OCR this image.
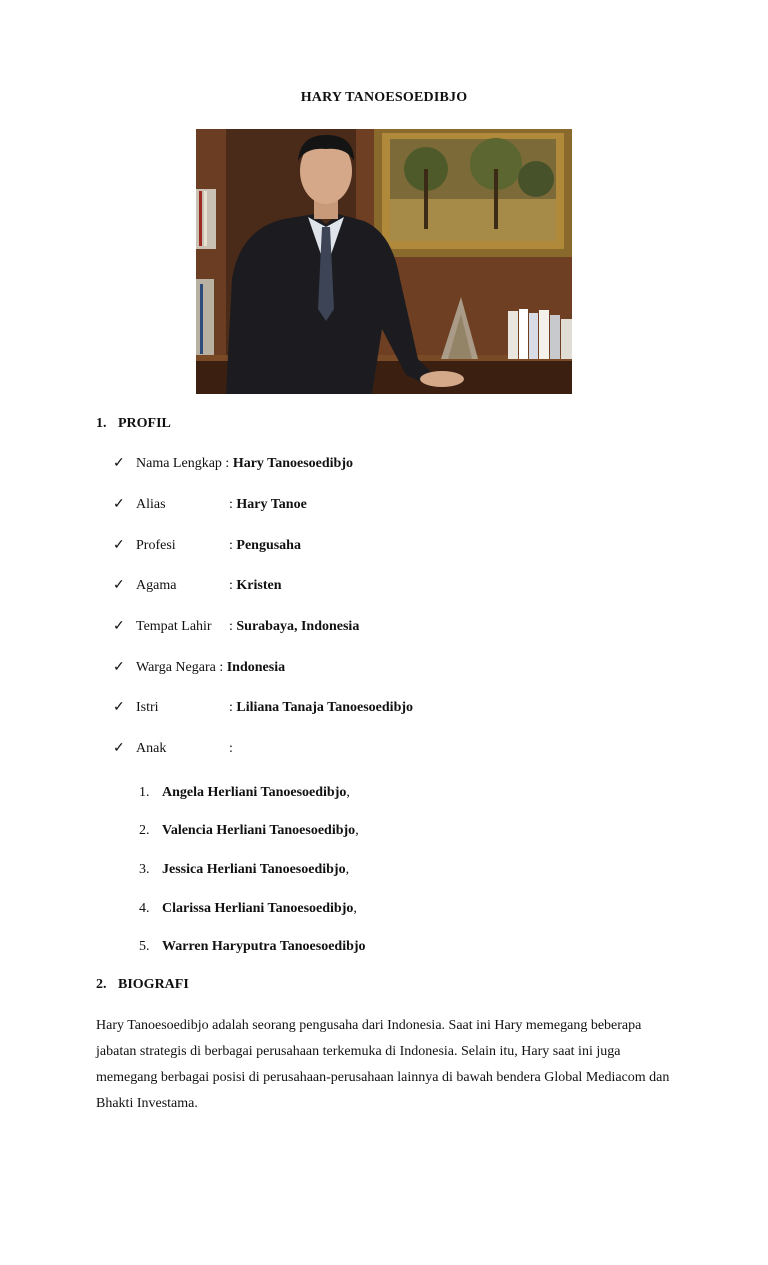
HARY TANOESOEDIBJO
1. PROFIL
✓ Nama Lengkap : Hary Tanoesoedibjo
✓ Alias	: Hary Tanoe
✓ Profesi	: Pengusaha
✓ Agama	: Kristen
✓ Tempat Lahir : Surabaya, Indonesia
✓ Warga Negara : Indonesia
✓ Istri	: Liliana Tanaja Tanoesoedibjo
✓ Anak	:
1. Angela Herliani Tanoesoedibjo,
2. Valencia Herliani Tanoesoedibjo,
3. Jessica Herliani Tanoesoedibjo,
4. Clarissa Herliani Tanoesoedibjo,
5. Warren Haryputra Tanoesoedibjo
2. BIOGRAFI
Hary Tanoesoedibjo adalah seorang pengusaha dari Indonesia. Saat ini Hary memegang beberapa jabatan strategis di berbagai perusahaan terkemuka di Indonesia. Selain itu, Hary saat ini juga memegang berbagai posisi di perusahaan-perusahaan lainnya di bawah bendera Global Mediacom dan Bhakti Investama.
